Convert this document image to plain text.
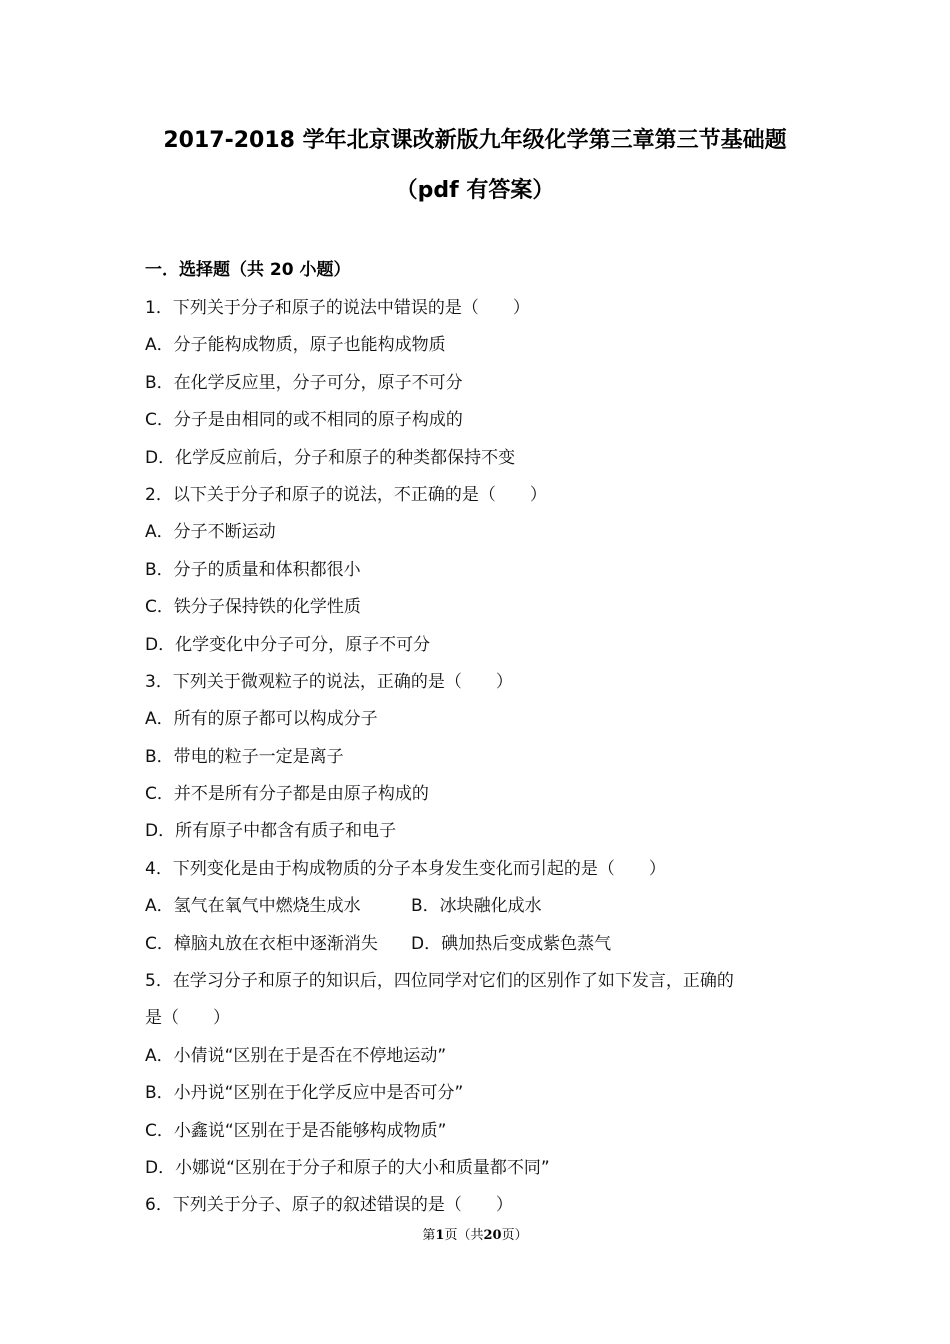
2017-2018 学年北京课改新版九年级化学第三章第三节基础题
（pdf 有答案）
一．选择题（共 20 小题）
1．下列关于分子和原子的说法中错误的是（　　）
A．分子能构成物质，原子也能构成物质
B．在化学反应里，分子可分，原子不可分
C．分子是由相同的或不相同的原子构成的
D．化学反应前后，分子和原子的种类都保持不变
2．以下关于分子和原子的说法，不正确的是（　　）
A．分子不断运动
B．分子的质量和体积都很小
C．铁分子保持铁的化学性质
D．化学变化中分子可分，原子不可分
3．下列关于微观粒子的说法，正确的是（　　）
A．所有的原子都可以构成分子
B．带电的粒子一定是离子
C．并不是所有分子都是由原子构成的
D．所有原子中都含有质子和电子
4．下列变化是由于构成物质的分子本身发生变化而引起的是（　　）
A．氢气在氧气中燃烧生成水	B．冰块融化成水
C．樟脑丸放在衣柜中逐渐消失 D．碘加热后变成紫色蒸气
5．在学习分子和原子的知识后，四位同学对它们的区别作了如下发言，正确的
是（　　）
A．小倩说“区别在于是否在不停地运动”
B．小丹说“区别在于化学反应中是否可分”
C．小鑫说“区别在于是否能够构成物质”
D．小娜说“区别在于分子和原子的大小和质量都不同”
6．下列关于分子、原子的叙述错误的是（　　）
第1页（共20页）
